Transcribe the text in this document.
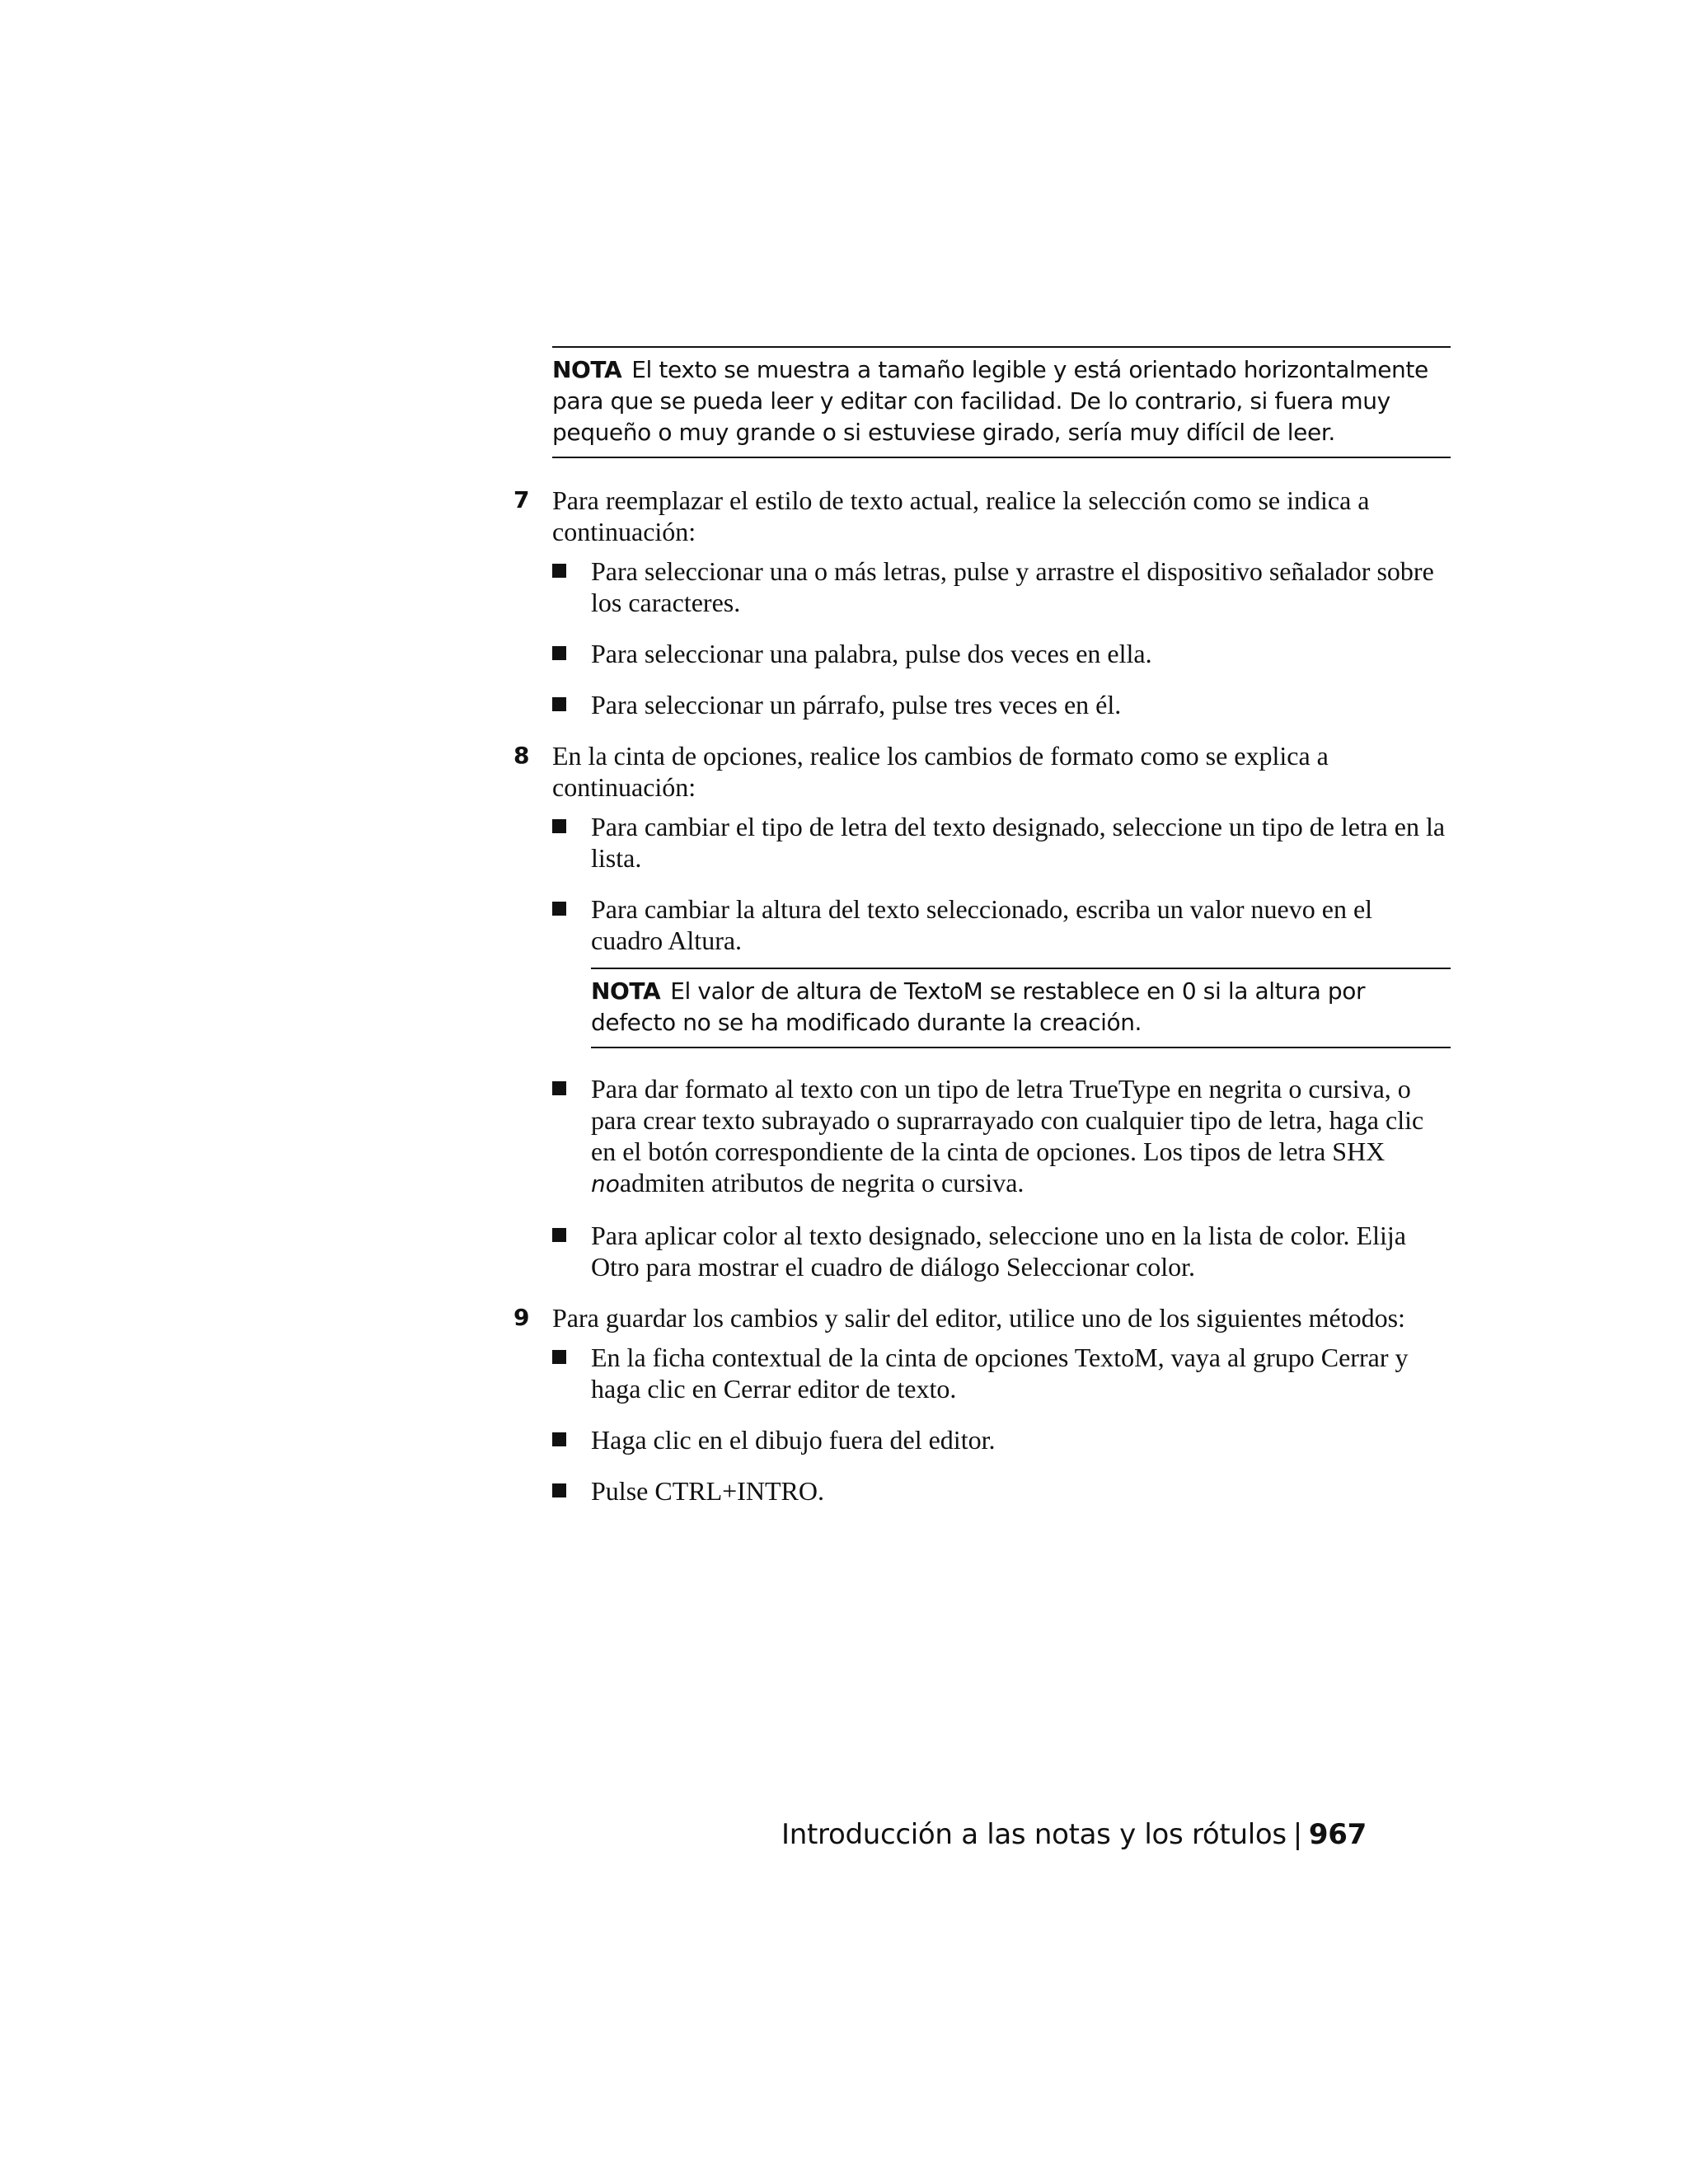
NOTA El texto se muestra a tamaño legible y está orientado horizontalmente para que se pueda leer y editar con facilidad. De lo contrario, si fuera muy pequeño o muy grande o si estuviese girado, sería muy difícil de leer.
7 Para reemplazar el estilo de texto actual, realice la selección como se indica a continuación:
Para seleccionar una o más letras, pulse y arrastre el dispositivo señalador sobre los caracteres.
Para seleccionar una palabra, pulse dos veces en ella.
Para seleccionar un párrafo, pulse tres veces en él.
8 En la cinta de opciones, realice los cambios de formato como se explica a continuación:
Para cambiar el tipo de letra del texto designado, seleccione un tipo de letra en la lista.
Para cambiar la altura del texto seleccionado, escriba un valor nuevo en el cuadro Altura.
NOTA El valor de altura de TextoM se restablece en 0 si la altura por defecto no se ha modificado durante la creación.
Para dar formato al texto con un tipo de letra TrueType en negrita o cursiva, o para crear texto subrayado o suprarrayado con cualquier tipo de letra, haga clic en el botón correspondiente de la cinta de opciones. Los tipos de letra SHX noadmiten atributos de negrita o cursiva.
Para aplicar color al texto designado, seleccione uno en la lista de color. Elija Otro para mostrar el cuadro de diálogo Seleccionar color.
9 Para guardar los cambios y salir del editor, utilice uno de los siguientes métodos:
En la ficha contextual de la cinta de opciones TextoM, vaya al grupo Cerrar y haga clic en Cerrar editor de texto.
Haga clic en el dibujo fuera del editor.
Pulse CTRL+INTRO.
Introducción a las notas y los rótulos | 967
